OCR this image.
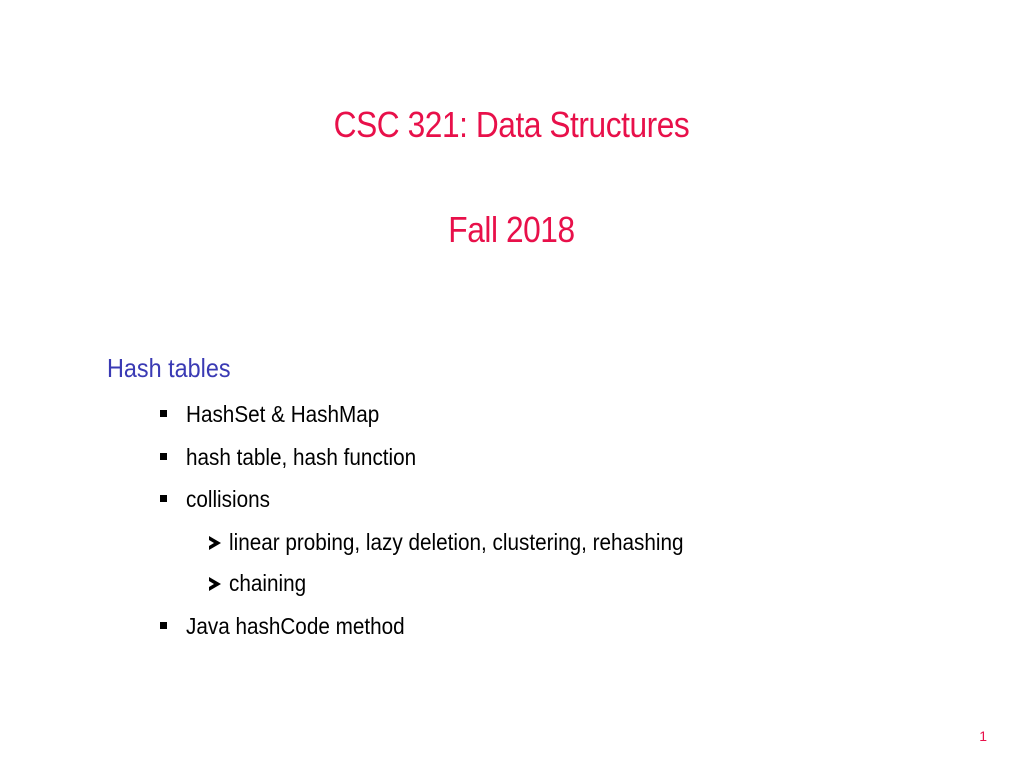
CSC 321: Data Structures
Fall 2018
Hash tables
HashSet & HashMap
hash table, hash function
collisions
linear probing, lazy deletion, clustering, rehashing
chaining
Java hashCode method
1
